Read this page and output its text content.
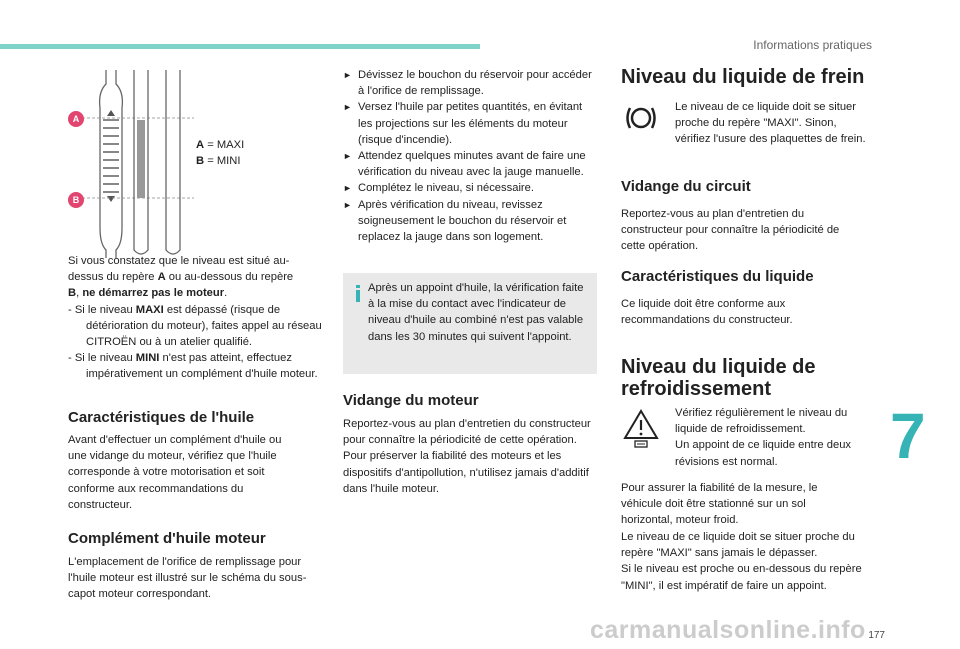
Informations pratiques
A
B
A = MAXI
B = MINI
Si vous constatez que le niveau est situé au-
dessus du repère A ou au-dessous du repère
B, ne démarrez pas le moteur.
- Si le niveau MAXI est dépassé (risque de détérioration du moteur), faites appel au réseau CITROËN ou à un atelier qualifié.
- Si le niveau MINI n'est pas atteint, effectuez impérativement un complément d'huile moteur.
Caractéristiques de l'huile
Avant d'effectuer un complément d'huile ou une vidange du moteur, vérifiez que l'huile corresponde à votre motorisation et soit conforme aux recommandations du constructeur.
Complément d'huile moteur
L'emplacement de l'orifice de remplissage pour l'huile moteur est illustré sur le schéma du sous-capot moteur correspondant.
► Dévissez le bouchon du réservoir pour accéder à l'orifice de remplissage.
► Versez l'huile par petites quantités, en évitant les projections sur les éléments du moteur (risque d'incendie).
► Attendez quelques minutes avant de faire une vérification du niveau avec la jauge manuelle.
► Complétez le niveau, si nécessaire.
► Après vérification du niveau, revissez soigneusement le bouchon du réservoir et replacez la jauge dans son logement.
Après un appoint d'huile, la vérification faite à la mise du contact avec l'indicateur de niveau d'huile au combiné n'est pas valable dans les 30 minutes qui suivent l'appoint.
Vidange du moteur
Reportez-vous au plan d'entretien du constructeur pour connaître la périodicité de cette opération.
Pour préserver la fiabilité des moteurs et les dispositifs d'antipollution, n'utilisez jamais d'additif dans l'huile moteur.
Niveau du liquide de frein
Le niveau de ce liquide doit se situer proche du repère "MAXI". Sinon, vérifiez l'usure des plaquettes de frein.
Vidange du circuit
Reportez-vous au plan d'entretien du constructeur pour connaître la périodicité de cette opération.
Caractéristiques du liquide
Ce liquide doit être conforme aux recommandations du constructeur.
Niveau du liquide de
refroidissement
Vérifiez régulièrement le niveau du liquide de refroidissement.
Un appoint de ce liquide entre deux révisions est normal.
Pour assurer la fiabilité de la mesure, le véhicule doit être stationné sur un sol horizontal, moteur froid.
Le niveau de ce liquide doit se situer proche du repère "MAXI" sans jamais le dépasser.
Si le niveau est proche ou en-dessous du repère "MINI", il est impératif de faire un appoint.
7
carmanualsonline.info 177
